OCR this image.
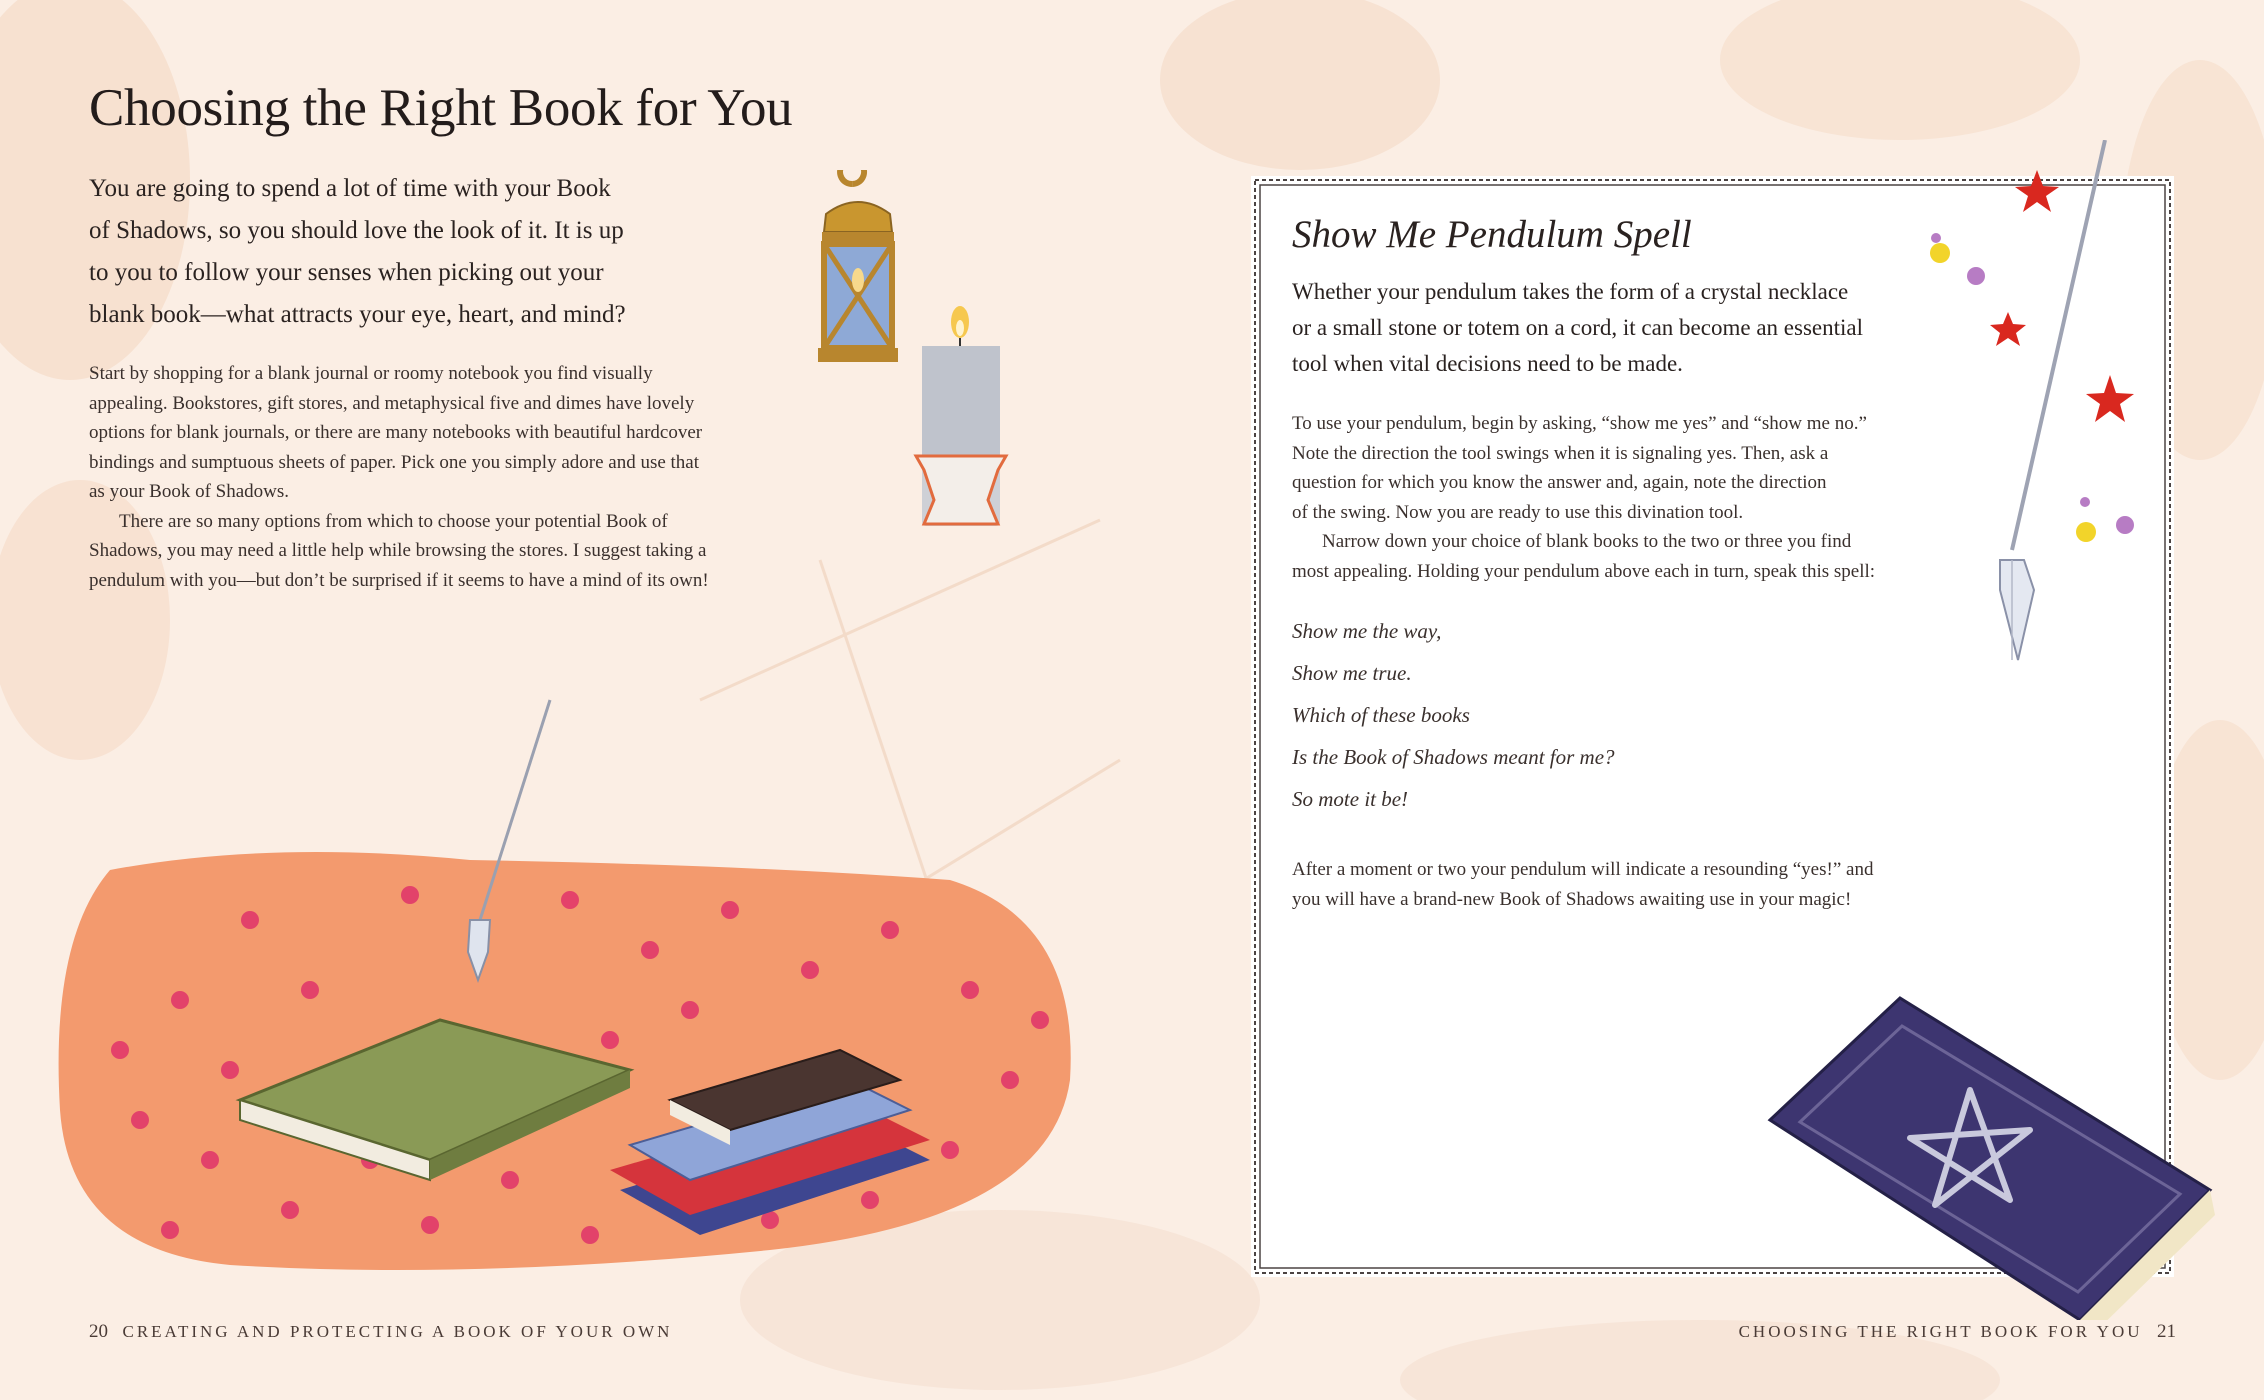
Choosing the Right Book for You

You are going to spend a lot of time with your Book
of Shadows, so you should love the look of it. It is up
to you to follow your senses when picking out your
blank book—what attracts your eye, heart, and mind?

Start by shopping for a blank journal or roomy notebook you find visually
appealing. Bookstores, gift stores, and metaphysical five and dimes have lovely
options for blank journals, or there are many notebooks with beautiful hardcover
bindings and sumptuous sheets of paper. Pick one you simply adore and use that
as your Book of Shadows.

There are so many options from which to choose your potential Book of
Shadows, you may need a little help while browsing the stores. I suggest taking a
pendulum with you—but don’t be surprised if it seems to have a mind of its own!

20 CREATING AND PROTECTING A BOOK OF YOUR OWN
Show Me Pendulum Spell

Whether your pendulum takes the form of a crystal necklace
or a small stone or totem on a cord, it can become an essential
tool when vital decisions need to be made.

To use your pendulum, begin by asking, “show me yes” and “show me no.”
Note the direction the tool swings when it is signaling yes. Then, ask a
question for which you know the answer and, again, note the direction
of the swing. Now you are ready to use this divination tool.

Narrow down your choice of blank books to the two or three you find
most appealing. Holding your pendulum above each in turn, speak this spell:

Show me the way,
Show me true.
Which of these books
Is the Book of Shadows meant for me?
So mote it be!

After a moment or two your pendulum will indicate a resounding “yes!” and
you will have a brand-new Book of Shadows awaiting use in your magic!

CHOOSING THE RIGHT BOOK FOR YOU 21
